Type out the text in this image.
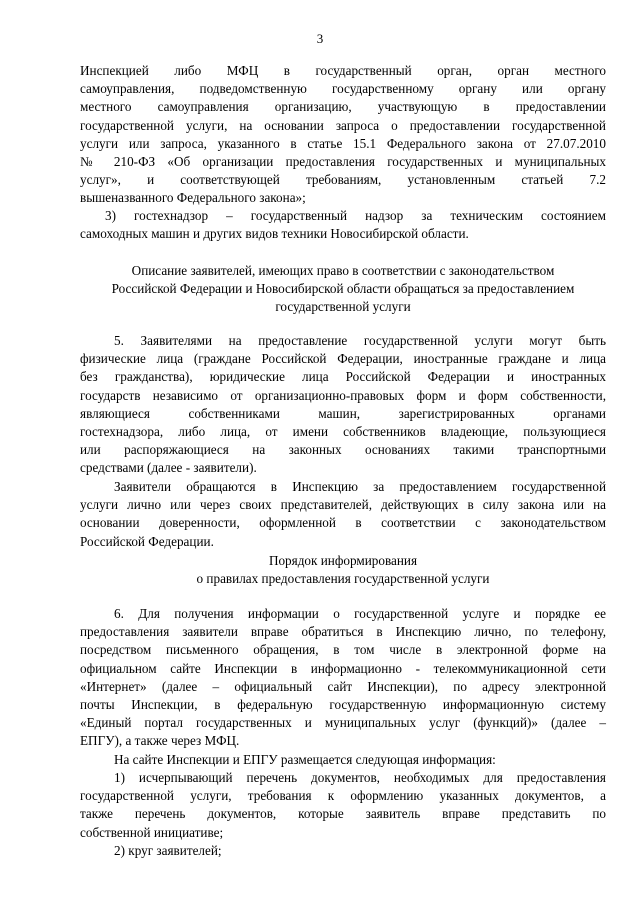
3

Инспекцией либо МФЦ в государственный орган, орган местного

самоуправления, подведомственную государственному органу или органу

местного самоуправления организацию, участвующую в предоставлении

государственной услуги, на основании запроса о предоставлении государственной

услуги или запроса, указанного в статье 15.1 Федерального закона от 27.07.2010

№ 210-ФЗ «Об организации предоставления государственных и муниципальных

услуг», и соответствующей требованиям, установленным статьей 7.2

вышеназванного Федерального закона»;

3) гостехнадзор – государственный надзор за техническим состоянием

самоходных машин и других видов техники Новосибирской области.

Описание заявителей, имеющих право в соответствии с законодательством

Российской Федерации и Новосибирской области обращаться за предоставлением

государственной услуги

5. Заявителями на предоставление государственной услуги могут быть

физические лица (граждане Российской Федерации, иностранные граждане и лица

без гражданства), юридические лица Российской Федерации и иностранных

государств независимо от организационно-правовых форм и форм собственности,

являющиеся собственниками машин, зарегистрированных органами

гостехнадзора, либо лица, от имени собственников владеющие, пользующиеся

или распоряжающиеся на законных основаниях такими транспортными

средствами (далее - заявители).

Заявители обращаются в Инспекцию за предоставлением государственной

услуги лично или через своих представителей, действующих в силу закона или на

основании доверенности, оформленной в соответствии с законодательством

Российской Федерации.

Порядок информирования

о правилах предоставления государственной услуги

6. Для получения информации о государственной услуге и порядке ее

предоставления заявители вправе обратиться в Инспекцию лично, по телефону,

посредством письменного обращения, в том числе в электронной форме на

официальном сайте Инспекции в информационно - телекоммуникационной сети

«Интернет» (далее – официальный сайт Инспекции), по адресу электронной

почты Инспекции, в федеральную государственную информационную систему

«Единый портал государственных и муниципальных услуг (функций)» (далее –

ЕПГУ), а также через МФЦ.

На сайте Инспекции и ЕПГУ размещается следующая информация:

1) исчерпывающий перечень документов, необходимых для предоставления

государственной услуги, требования к оформлению указанных документов, а

также перечень документов, которые заявитель вправе представить по

собственной инициативе;

2) круг заявителей;
